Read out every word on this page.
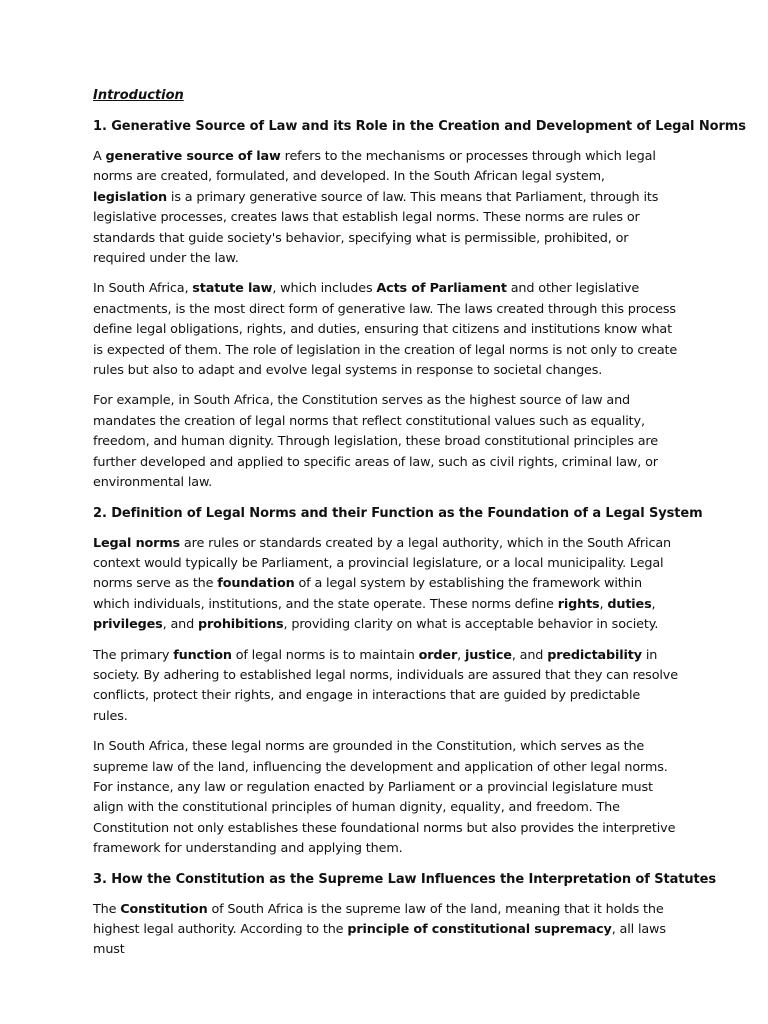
Introduction
1. Generative Source of Law and its Role in the Creation and Development of Legal Norms

A generative source of law refers to the mechanisms or processes through which legal norms are created, formulated, and developed. In the South African legal system, legislation is a primary generative source of law. This means that Parliament, through its legislative processes, creates laws that establish legal norms. These norms are rules or standards that guide society's behavior, specifying what is permissible, prohibited, or required under the law.

In South Africa, statute law, which includes Acts of Parliament and other legislative enactments, is the most direct form of generative law. The laws created through this process define legal obligations, rights, and duties, ensuring that citizens and institutions know what is expected of them. The role of legislation in the creation of legal norms is not only to create rules but also to adapt and evolve legal systems in response to societal changes.

For example, in South Africa, the Constitution serves as the highest source of law and mandates the creation of legal norms that reflect constitutional values such as equality, freedom, and human dignity. Through legislation, these broad constitutional principles are further developed and applied to specific areas of law, such as civil rights, criminal law, or environmental law.

2. Definition of Legal Norms and their Function as the Foundation of a Legal System

Legal norms are rules or standards created by a legal authority, which in the South African context would typically be Parliament, a provincial legislature, or a local municipality. Legal norms serve as the foundation of a legal system by establishing the framework within which individuals, institutions, and the state operate. These norms define rights, duties, privileges, and prohibitions, providing clarity on what is acceptable behavior in society.

The primary function of legal norms is to maintain order, justice, and predictability in society. By adhering to established legal norms, individuals are assured that they can resolve conflicts, protect their rights, and engage in interactions that are guided by predictable rules.

In South Africa, these legal norms are grounded in the Constitution, which serves as the supreme law of the land, influencing the development and application of other legal norms. For instance, any law or regulation enacted by Parliament or a provincial legislature must align with the constitutional principles of human dignity, equality, and freedom. The Constitution not only establishes these foundational norms but also provides the interpretive framework for understanding and applying them.

3. How the Constitution as the Supreme Law Influences the Interpretation of Statutes

The Constitution of South Africa is the supreme law of the land, meaning that it holds the highest legal authority. According to the principle of constitutional supremacy, all laws must
